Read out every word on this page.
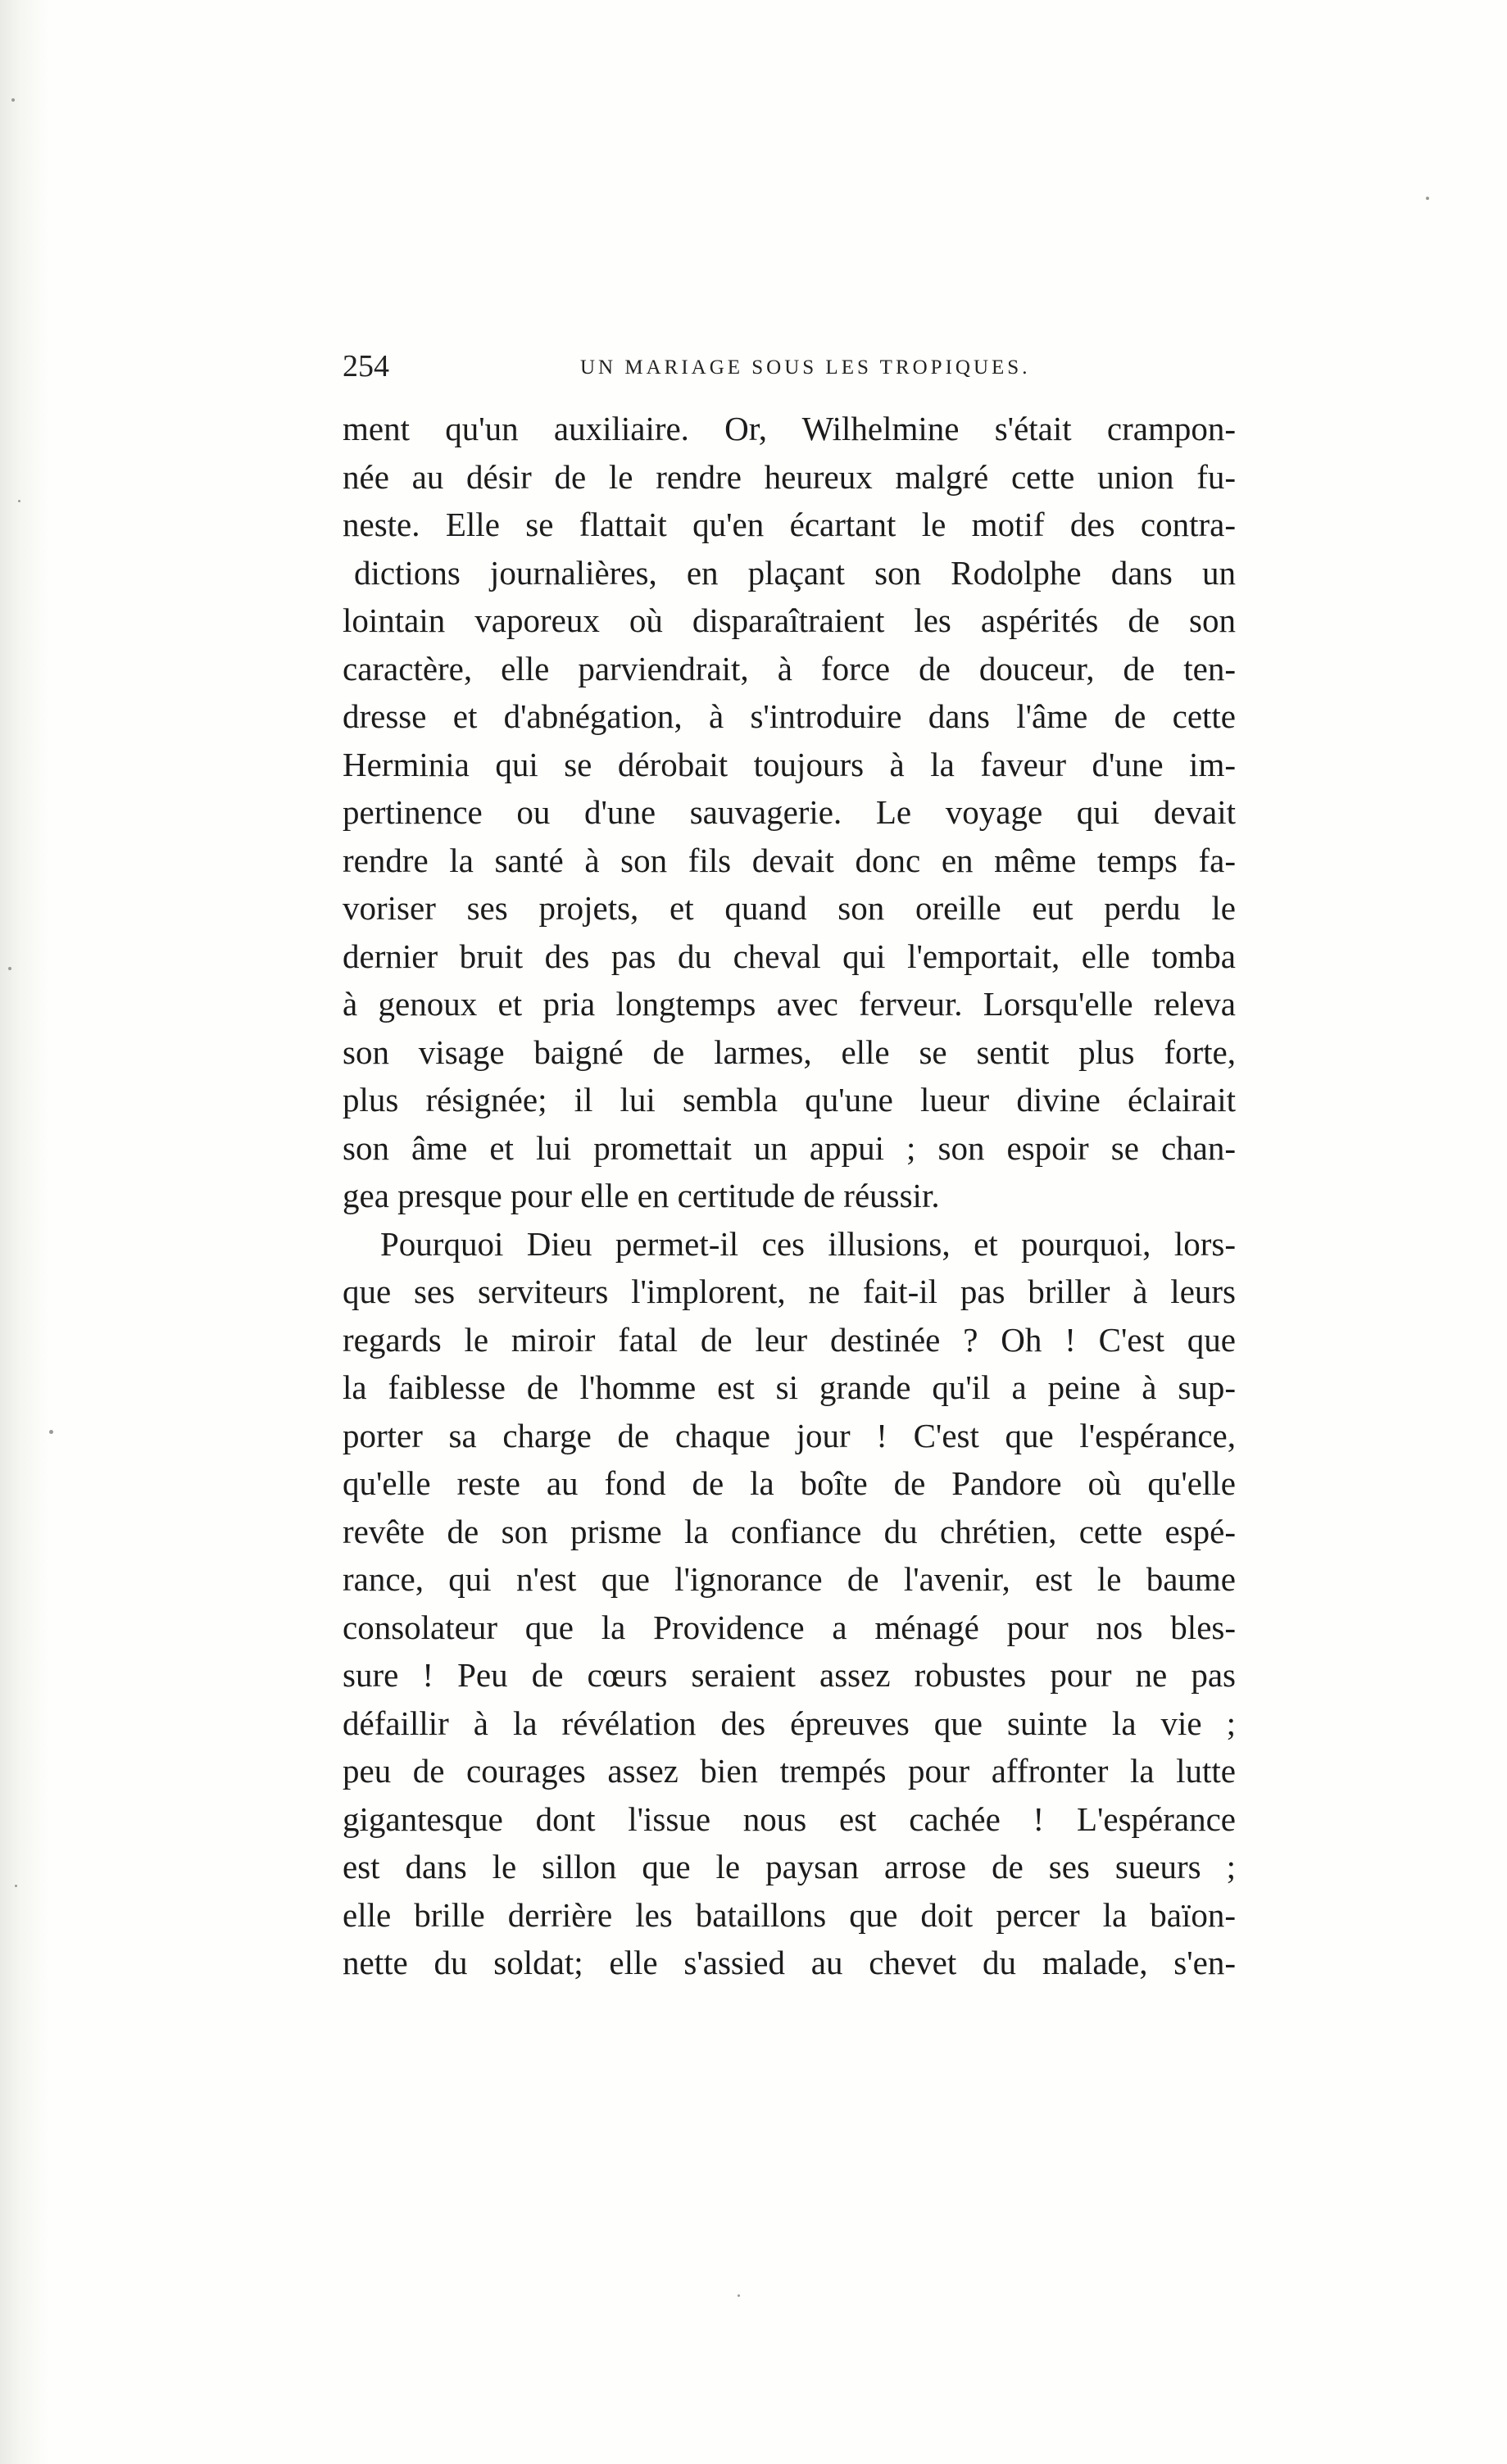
254	UN MARIAGE SOUS LES TROPIQUES.
ment qu'un auxiliaire. Or, Wilhelmine s'était crampon-
née au désir de le rendre heureux malgré cette union fu-
neste. Elle se flattait qu'en écartant le motif des contra-
dictions journalières, en plaçant son Rodolphe dans un
lointain vaporeux où disparaîtraient les aspérités de son
caractère, elle parviendrait, à force de douceur, de ten-
dresse et d'abnégation, à s'introduire dans l'âme de cette
Herminia qui se dérobait toujours à la faveur d'une im-
pertinence ou d'une sauvagerie. Le voyage qui devait
rendre la santé à son fils devait donc en même temps fa-
voriser ses projets, et quand son oreille eut perdu le
dernier bruit des pas du cheval qui l'emportait, elle tomba
à genoux et pria longtemps avec ferveur. Lorsqu'elle releva
son visage baigné de larmes, elle se sentit plus forte,
plus résignée; il lui sembla qu'une lueur divine éclairait
son âme et lui promettait un appui ; son espoir se chan-
gea presque pour elle en certitude de réussir.
Pourquoi Dieu permet-il ces illusions, et pourquoi, lors-
que ses serviteurs l'implorent, ne fait-il pas briller à leurs
regards le miroir fatal de leur destinée ? Oh ! C'est que
la faiblesse de l'homme est si grande qu'il a peine à sup-
porter sa charge de chaque jour ! C'est que l'espérance,
qu'elle reste au fond de la boîte de Pandore où qu'elle
revête de son prisme la confiance du chrétien, cette espé-
rance, qui n'est que l'ignorance de l'avenir, est le baume
consolateur que la Providence a ménagé pour nos bles-
sure ! Peu de cœurs seraient assez robustes pour ne pas
défaillir à la révélation des épreuves que suinte la vie ;
peu de courages assez bien trempés pour affronter la lutte
gigantesque dont l'issue nous est cachée ! L'espérance
est dans le sillon que le paysan arrose de ses sueurs ;
elle brille derrière les bataillons que doit percer la baïon-
nette du soldat; elle s'assied au chevet du malade, s'en-
